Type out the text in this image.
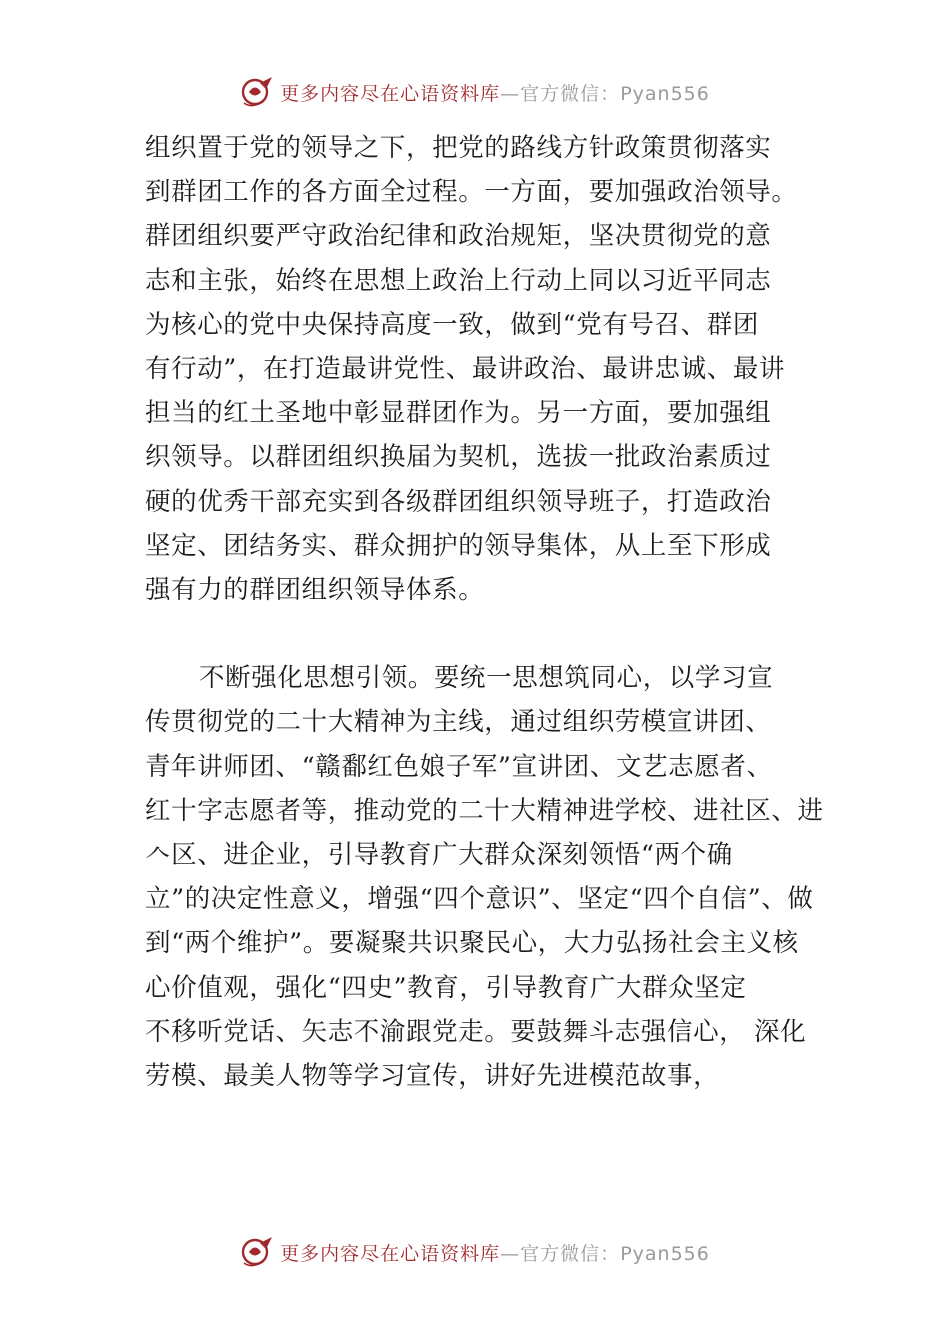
更多内容尽在心语资料库—官方微信：Pyan556

组织置于党的领导之下，把党的路线方针政策贯彻落实
到群团工作的各方面全过程。一方面，要加强政治领导。
群团组织要严守政治纪律和政治规矩，坚决贯彻党的意
志和主张，始终在思想上政治上行动上同以习近平同志
为核心的党中央保持高度一致，做到“党有号召、群团
有行动”，在打造最讲党性、最讲政治、最讲忠诚、最讲
担当的红土圣地中彰显群团作为。另一方面，要加强组
织领导。以群团组织换届为契机，选拔一批政治素质过
硬的优秀干部充实到各级群团组织领导班子，打造政治
坚定、团结务实、群众拥护的领导集体，从上至下形成
强有力的群团组织领导体系。

不断强化思想引领。要统一思想筑同心，以学习宣
传贯彻党的二十大精神为主线，通过组织劳模宣讲团、
青年讲师团、“赣鄱红色娘子军”宣讲团、文艺志愿者、
红十字志愿者等，推动党的二十大精神进学校、进社区、进
𠆢区、进企业，引导教育广大群众深刻领悟“两个确
立”的决定性意义，增强“四个意识”、坚定“四个自信”、做
到“两个维护”。要凝聚共识聚民心，大力弘扬社会主义核
心价值观，强化“四史”教育，引导教育广大群众坚定
不移听党话、矢志不渝跟党走。要鼓舞斗志强信心， 深化
劳模、最美人物等学习宣传，讲好先进模范故事，

更多内容尽在心语资料库—官方微信：Pyan556
